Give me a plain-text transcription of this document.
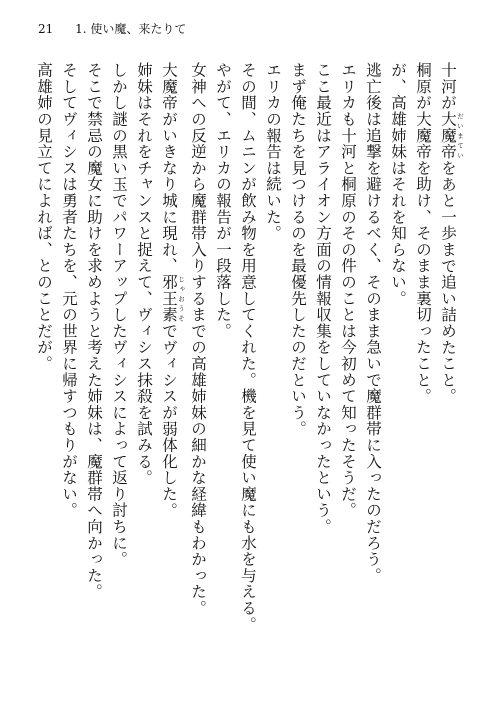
21 1. 使い魔、来たりて

十河が大魔帝 だいまていをあと一歩まで追い詰めたこと。

桐原が大魔帝を助け、そのまま裏切ったこと。

が、高雄姉妹はそれを知らない。

逃亡後は追撃を避けるべく、そのまま急いで魔群帯に入ったのだろう。

エリカも十河と桐原のその件のことは今初めて知ったそうだ。

ここ最近はアライオン方面の情報収集をしていなかったという。

まず俺たちを見つけるのを最優先したのだという。

エリカの報告は続いた。

その間、ムニンが飲み物を用意してくれた。機を見て使い魔にも水を与える。

やがて、エリカの報告が一段落した。

女神への反逆から魔群帯入りするまでの高雄姉妹の細かな経緯もわかった。

大魔帝がいきなり城に現れ、邪王素 じゃおうそでヴィシスが弱体化した。

姉妹はそれをチャンスと捉えて、ヴィシス抹殺を試みる。

しかし謎の黒い玉でパワーアップしたヴィシスによって返り討ちに。

そこで禁忌の魔女に助けを求めようと考えた姉妹は、魔群帯へ向かった。

そしてヴィシスは勇者たちを、元の世界に帰すつもりがない。

高雄姉の見立てによれば、とのことだが。
